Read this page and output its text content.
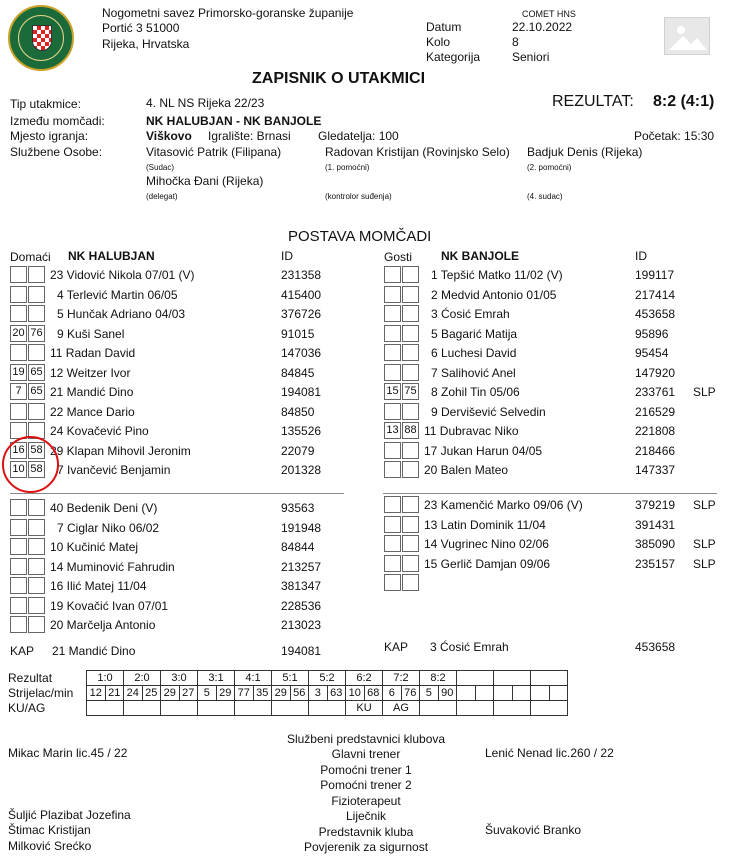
Nogometni savez Primorsko-goranske županije
Portić 3 51000
Rijeka, Hrvatska
COMET HNS
Datum	22.10.2022
Kolo	8
Kategorija	Seniori
ZAPISNIK O UTAKMICI
Tip utakmice:	4. NL NS Rijeka 22/23	REZULTAT: 8:2 (4:1)
Između momčadi:	NK HALUBJAN - NK BANJOLE
Mjesto igranja:	Viškovo Igralište: Brnasi Gledatelja: 100	Početak: 15:30
Službene Osobe:	Vitasović Patrik (Filipana)	Radovan Kristijan (Rovinjsko Selo) Badjuk Denis (Rijeka)
(Sudac)	(1. pomoćni)	(2. pomoćni)
Mihočka Đani (Rijeka)
(delegat)	(kontrolor suđenja)	(4. sudac)
POSTAVA MOMČADI
Domaći NK HALUBJAN	ID	Gosti NK BANJOLE	ID
23 Vidović Nikola 07/01 (V)	231358
4 Terlević Martin 06/05	415400
5 Hunčak Adriano 04/03	376726
20 76 9 Kuši Sanel	91015
11 Radan David	147036
19 65 12 Weitzer Ivor	84845
7 65 21 Mandić Dino	194081
22 Mance Dario	84850
24 Kovačević Pino	135526
16 58 29 Klapan Mihovil Jeronim	22079
10 58 7 Ivančević Benjamin	201328
1 Tepšić Matko 11/02 (V)	199117
2 Medvid Antonio 01/05	217414
3 Ćosić Emrah	453658
5 Bagarić Matija	95896
6 Luchesi David	95454
7 Salihović Anel	147920
15 75 8 Zohil Tin 05/06	233761 SLP
9 Dervišević Selvedin	216529
13 88 11 Dubravac Niko	221808
17 Jukan Harun 04/05	218466
20 Balen Mateo	147337
40 Bedenik Deni (V)	93563
7 Ciglar Niko 06/02	191948
10 Kučinić Matej	84844
14 Muminović Fahrudin	213257
16 Ilić Matej 11/04	381347
19 Kovačić Ivan 07/01	228536
20 Marčelja Antonio	213023
23 Kamenčić Marko 09/06 (V)	379219 SLP
13 Latin Dominik 11/04	391431
14 Vugrinec Nino 02/06	385090 SLP
15 Gerlič Damjan 09/06	235157 SLP
KAP 21 Mandić Dino	194081	KAP 3 Ćosić Emrah	453658
Rezultat
Strijelac/min
KU/AG
1:0		2:0		3:0		3:1		4:1		5:1		5:2		6:2		7:2		8:2							
12	21	24	25	29	27	5	29	77	35	29	56	3	63	10	68	6	76	5	90						
														KU		AG									
Službeni predstavnici klubova
Glavni trener
Pomoćni trener 1
Pomoćni trener 2
Fizioterapeut
Liječnik
Predstavnik kluba
Povjerenik za sigurnost
Mikac Marin lic.45 / 22	Lenić Nenad lic.260 / 22
Šuljić Plazibat Jozefina
Štimac Kristijan	Šuvaković Branko
Milković Srećko
